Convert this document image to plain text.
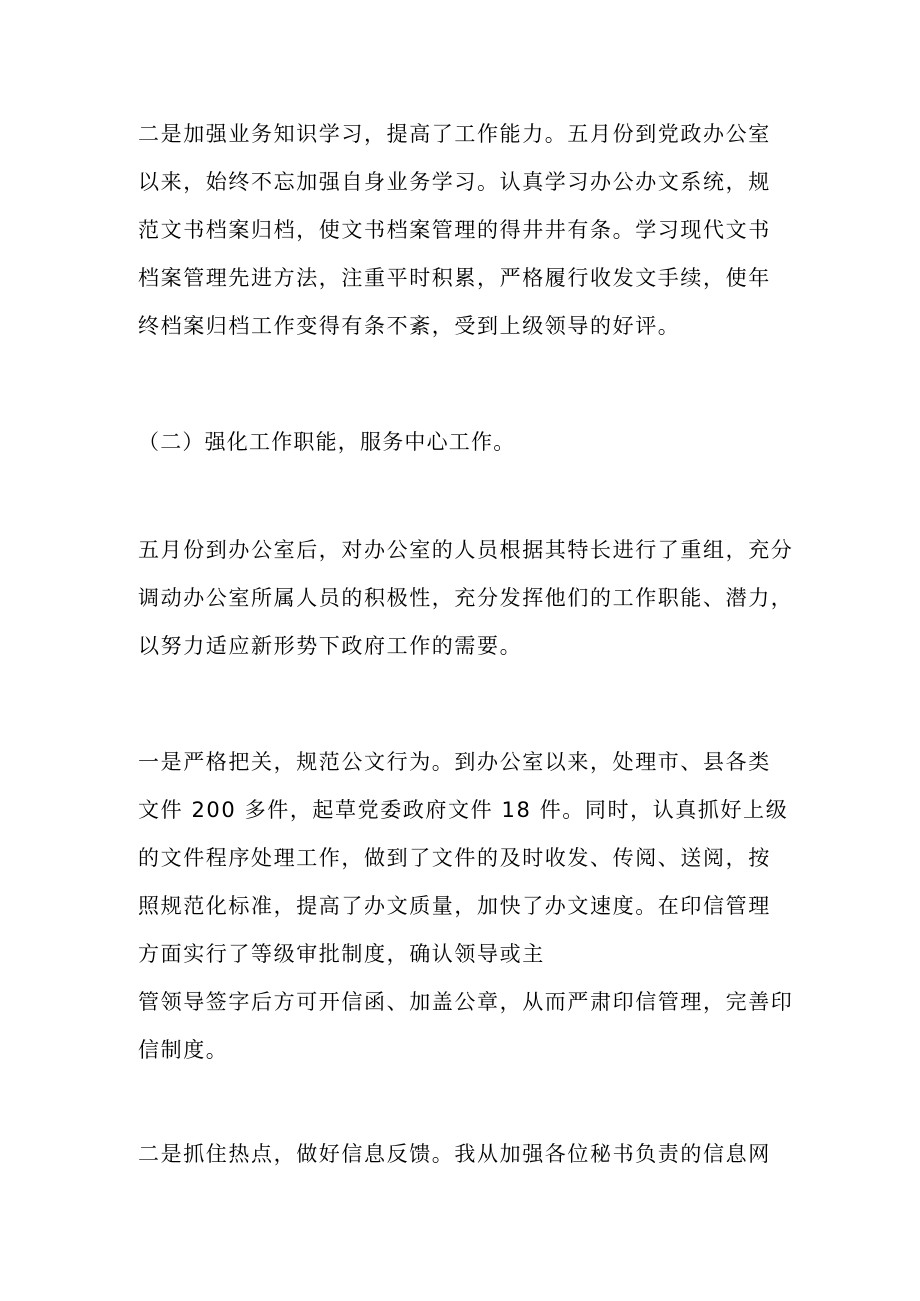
二是加强业务知识学习，提高了工作能力。五月份到党政办公室
以来，始终不忘加强自身业务学习。认真学习办公办文系统，规
范文书档案归档，使文书档案管理的得井井有条。学习现代文书
档案管理先进方法，注重平时积累，严格履行收发文手续，使年
终档案归档工作变得有条不紊，受到上级领导的好评。
（二）强化工作职能，服务中心工作。
五月份到办公室后，对办公室的人员根据其特长进行了重组，充分
调动办公室所属人员的积极性，充分发挥他们的工作职能、潜力，
以努力适应新形势下政府工作的需要。
一是严格把关，规范公文行为。到办公室以来，处理市、县各类
文件 200 多件，起草党委政府文件 18 件。同时，认真抓好上级
的文件程序处理工作，做到了文件的及时收发、传阅、送阅，按
照规范化标准，提高了办文质量，加快了办文速度。在印信管理
方面实行了等级审批制度，确认领导或主
管领导签字后方可开信函、加盖公章，从而严肃印信管理，完善印
信制度。
二是抓住热点，做好信息反馈。我从加强各位秘书负责的信息网
